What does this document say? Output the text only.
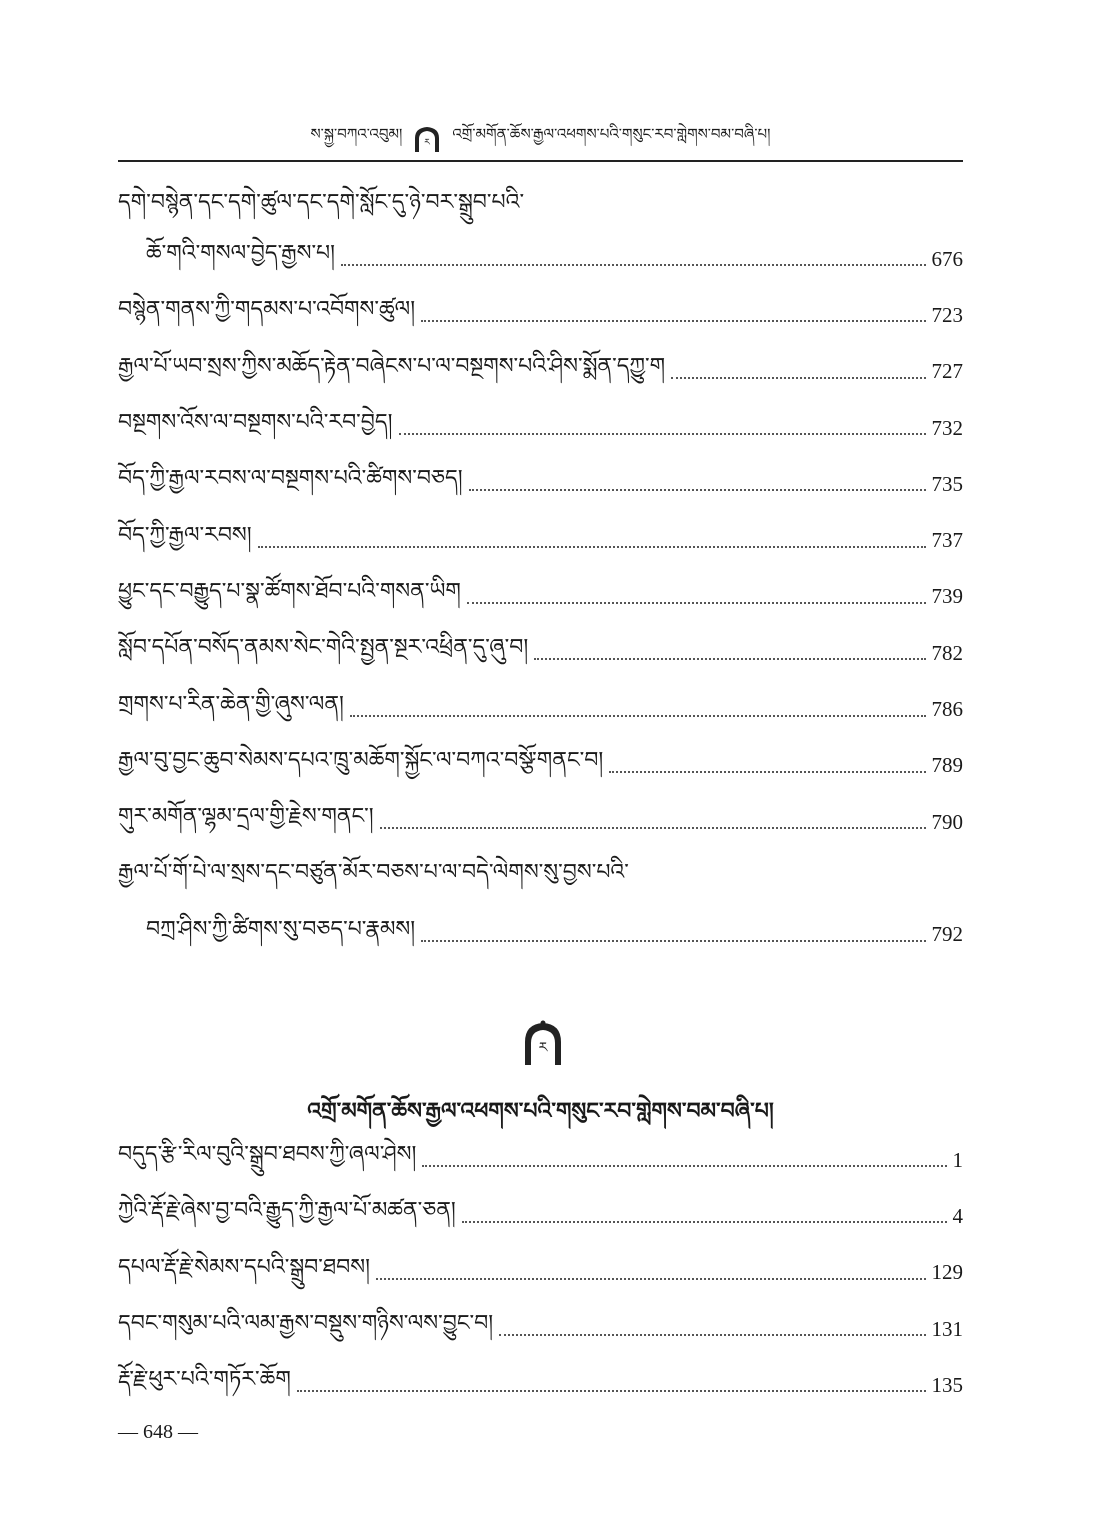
ས་སྐྱ་བཀའ་འབུམ། ར འགྲོ་མགོན་ཆོས་རྒྱལ་འཕགས་པའི་གསུང་རབ་གླེགས་བམ་བཞི་པ།
དགེ་བསྙེན་དང་དགེ་ཚུལ་དང་དགེ་སློང་དུ་ཉེ་བར་སྒྲུབ་པའི་
ཆོ་གའི་གསལ་བྱེད་རྒྱས་པ།	676
བསྙེན་གནས་ཀྱི་གདམས་པ་འབོགས་ཚུལ།	723
རྒྱལ་པོ་ཡབ་སྲས་ཀྱིས་མཆོད་རྟེན་བཞེངས་པ་ལ་བསྔགས་པའི་ཤིས་སྨོན་དཀྱུ་ག	727
བསྔགས་འོས་ལ་བསྔགས་པའི་རབ་བྱེད།	732
བོད་ཀྱི་རྒྱལ་རབས་ལ་བསྔགས་པའི་ཚིགས་བཅད།	735
བོད་ཀྱི་རྒྱལ་རབས།	737
ཕྱུང་དང་བརྒྱུད་པ་སྣ་ཚོགས་ཐོབ་པའི་གསན་ཡིག	739
སློབ་དཔོན་བསོད་ནམས་སེང་གེའི་སྤྱན་སྔར་འཕྲིན་དུ་ཞུ་བ།	782
གྲགས་པ་རིན་ཆེན་གྱི་ཞུས་ལན།	786
རྒྱལ་བུ་བྱང་ཆུབ་སེམས་དཔའ་ཁྲུ་མཆོག་སྐྱོང་ལ་བཀའ་བསྩོ་གནང་བ།	789
གུར་མགོན་ལྷམ་དྲལ་གྱི་རྗེས་གནང་།	790
རྒྱལ་པོ་གོ་པེ་ལ་སྲས་དང་བཙུན་མོར་བཅས་པ་ལ་བདེ་ལེགས་སུ་བྱས་པའི་
བཀྲ་ཤིས་ཀྱི་ཚིགས་སུ་བཅད་པ་རྣམས།	792
ར
འགྲོ་མགོན་ཆོས་རྒྱལ་འཕགས་པའི་གསུང་རབ་གླེགས་བམ་བཞི་པ།
བདུད་རྩི་རིལ་བུའི་སྒྲུབ་ཐབས་ཀྱི་ཞལ་ཤེས།	1
ཀྱེའི་རྡོ་རྗེ་ཞེས་བྱ་བའི་རྒྱུད་ཀྱི་རྒྱལ་པོ་མཚན་ཅན།	4
དཔལ་རྡོ་རྗེ་སེམས་དཔའི་སྒྲུབ་ཐབས།	129
དབང་གསུམ་པའི་ལམ་རྒྱས་བསྡུས་གཉིས་ལས་བྱུང་བ།	131
རྡོ་རྗེ་ཕུར་པའི་གཏོར་ཆོག	135
— 648 —
